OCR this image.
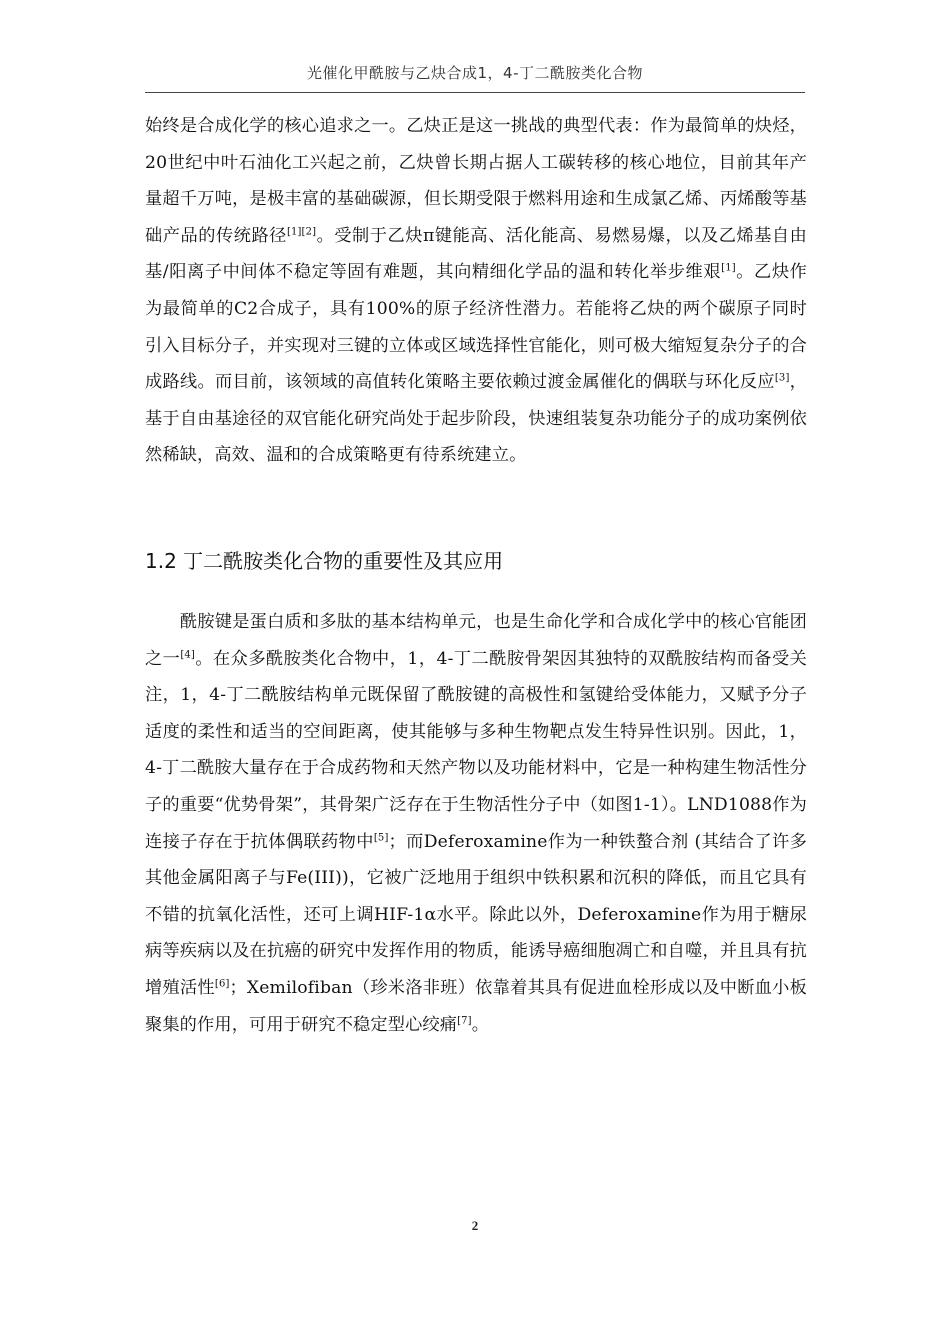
光催化甲酰胺与乙炔合成1，4-丁二酰胺类化合物

始终是合成化学的核心追求之一。乙炔正是这一挑战的典型代表：作为最简单的炔烃，20世纪中叶石油化工兴起之前，乙炔曾长期占据人工碳转移的核心地位，目前其年产量超千万吨，是极丰富的基础碳源，但长期受限于燃料用途和生成氯乙烯、丙烯酸等基础产品的传统路径[1][2]。受制于乙炔π键能高、活化能高、易燃易爆，以及乙烯基自由基/阳离子中间体不稳定等固有难题，其向精细化学品的温和转化举步维艰[1]。乙炔作为最简单的C2合成子，具有100%的原子经济性潜力。若能将乙炔的两个碳原子同时引入目标分子，并实现对三键的立体或区域选择性官能化，则可极大缩短复杂分子的合成路线。而目前，该领域的高值转化策略主要依赖过渡金属催化的偶联与环化反应[3]，基于自由基途径的双官能化研究尚处于起步阶段，快速组装复杂功能分子的成功案例依然稀缺，高效、温和的合成策略更有待系统建立。

1.2 丁二酰胺类化合物的重要性及其应用

酰胺键是蛋白质和多肽的基本结构单元，也是生命化学和合成化学中的核心官能团之一[4]。在众多酰胺类化合物中，1，4-丁二酰胺骨架因其独特的双酰胺结构而备受关注，1，4-丁二酰胺结构单元既保留了酰胺键的高极性和氢键给受体能力，又赋予分子适度的柔性和适当的空间距离，使其能够与多种生物靶点发生特异性识别。因此，1，4-丁二酰胺大量存在于合成药物和天然产物以及功能材料中，它是一种构建生物活性分子的重要“优势骨架”，其骨架广泛存在于生物活性分子中（如图1-1）。LND1088作为连接子存在于抗体偶联药物中[5]；而Deferoxamine作为一种铁螯合剂 (其结合了许多其他金属阳离子与Fe(III))，它被广泛地用于组织中铁积累和沉积的降低，而且它具有不错的抗氧化活性，还可上调HIF-1α水平。除此以外，Deferoxamine作为用于糖尿病等疾病以及在抗癌的研究中发挥作用的物质，能诱导癌细胞凋亡和自噬，并且具有抗增殖活性[6]；Xemilofiban（珍米洛非班）依靠着其具有促进血栓形成以及中断血小板聚集的作用，可用于研究不稳定型心绞痛[7]。

2
